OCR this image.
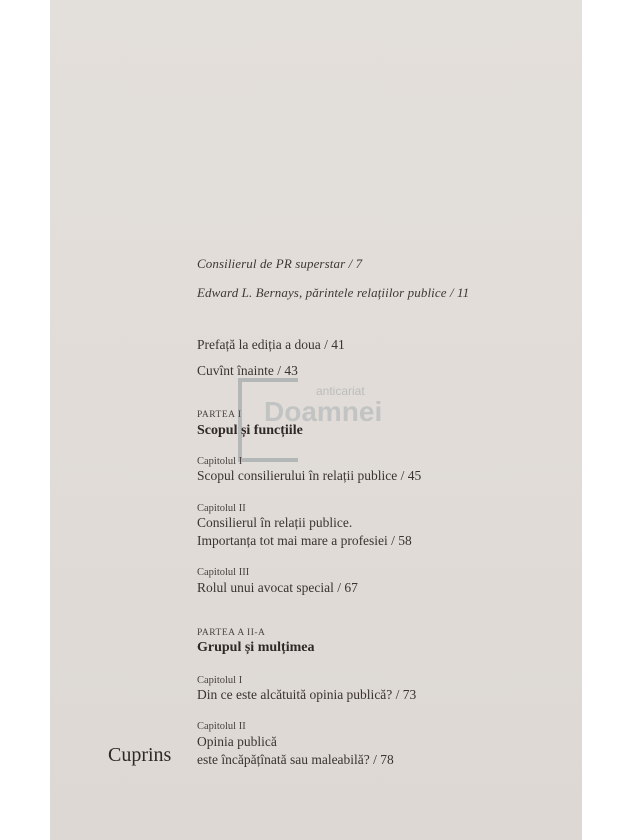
anticariat
Doamnei
Consilierul de PR superstar / 7
Edward L. Bernays, părintele relațiilor publice / 11
Prefață la ediția a doua / 41
Cuvînt înainte / 43
PARTEA I
Scopul și funcțiile
Capitolul I
Scopul consilierului în relații publice / 45
Capitolul II
Consilierul în relații publice.
Importanța tot mai mare a profesiei / 58
Capitolul III
Rolul unui avocat special / 67
PARTEA A II-A
Grupul și mulțimea
Capitolul I
Din ce este alcătuită opinia publică? / 73
Capitolul II
Opinia publică
este încăpățînată sau maleabilă? / 78
Cuprins
